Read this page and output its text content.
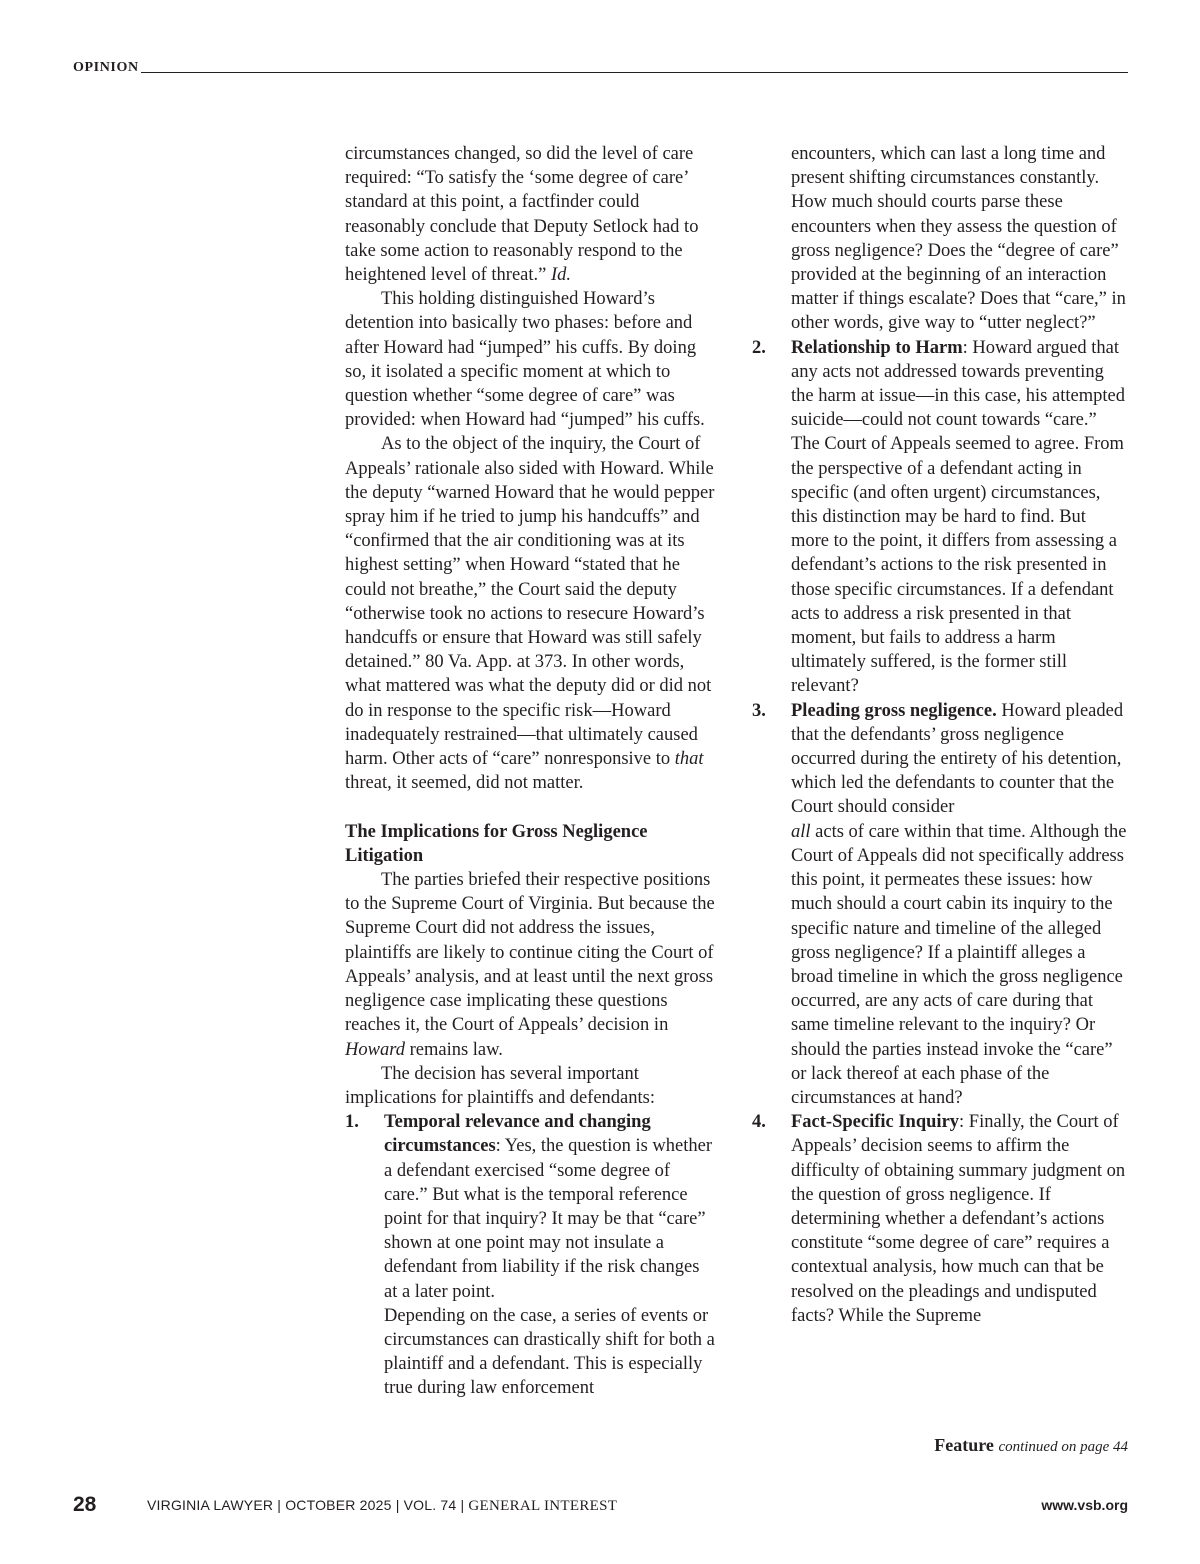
OPINION

circumstances changed, so did the level of care required: “To satisfy the ‘some degree of care’ standard at this point, a factfinder could reasonably conclude that Deputy Setlock had to take some action to reasonably respond to the heightened level of threat.” Id.

This holding distinguished Howard’s detention into basically two phases: before and after Howard had “jumped” his cuffs. By doing so, it isolated a specific moment at which to question whether “some degree of care” was provided: when Howard had “jumped” his cuffs.

As to the object of the inquiry, the Court of Appeals’ rationale also sided with Howard. While the deputy “warned Howard that he would pepper spray him if he tried to jump his handcuffs” and “confirmed that the air conditioning was at its highest setting” when Howard “stated that he could not breathe,” the Court said the deputy “otherwise took no actions to resecure Howard’s handcuffs or ensure that Howard was still safely detained.” 80 Va. App. at 373. In other words, what mattered was what the deputy did or did not do in response to the specific risk—Howard inadequately restrained—that ultimately caused harm. Other acts of “care” nonresponsive to that threat, it seemed, did not matter.

The Implications for Gross Negligence Litigation

The parties briefed their respective positions to the Supreme Court of Virginia. But because the Supreme Court did not address the issues, plaintiffs are likely to continue citing the Court of Appeals’ analysis, and at least until the next gross negligence case implicating these questions reaches it, the Court of Appeals’ decision in Howard remains law.

The decision has several important implications for plaintiffs and defendants:

1. Temporal relevance and changing circumstances: Yes, the question is whether a defendant exercised “some degree of care.” But what is the temporal reference point for that inquiry? It may be that “care” shown at one point may not insulate a defendant from liability if the risk changes at a later point.

Depending on the case, a series of events or circumstances can drastically shift for both a plaintiff and a defendant. This is especially true during law enforcement

encounters, which can last a long time and present shifting circumstances constantly. How much should courts parse these encounters when they assess the question of gross negligence? Does the “degree of care” provided at the beginning of an interaction matter if things escalate? Does that “care,” in other words, give way to “utter neglect?”

2. Relationship to Harm: Howard argued that any acts not addressed towards preventing the harm at issue—in this case, his attempted suicide—could not count towards “care.” The Court of Appeals seemed to agree. From the perspective of a defendant acting in specific (and often urgent) circumstances, this distinction may be hard to find. But more to the point, it differs from assessing a defendant’s actions to the risk presented in those specific circumstances. If a defendant acts to address a risk presented in that moment, but fails to address a harm ultimately suffered, is the former still relevant?

3. Pleading gross negligence. Howard pleaded that the defendants’ gross negligence occurred during the entirety of his detention, which led the defendants to counter that the Court should consider
all acts of care within that time. Although the Court of Appeals did not specifically address this point, it permeates these issues: how much should a court cabin its inquiry to the specific nature and timeline of the alleged gross negligence? If a plaintiff alleges a broad timeline in which the gross negligence occurred, are any acts of care during that same timeline relevant to the inquiry? Or should the parties instead invoke the “care” or lack thereof at each phase of the circumstances at hand?

4. Fact-Specific Inquiry: Finally, the Court of Appeals’ decision seems to affirm the difficulty of obtaining summary judgment on the question of gross negligence. If determining whether a defendant’s actions constitute “some degree of care” requires a contextual analysis, how much can that be resolved on the pleadings and undisputed facts? While the Supreme

Feature continued on page 44
28	VIRGINIA LAWYER | OCTOBER 2025 | VOL. 74 | GENERAL INTEREST	www.vsb.org
